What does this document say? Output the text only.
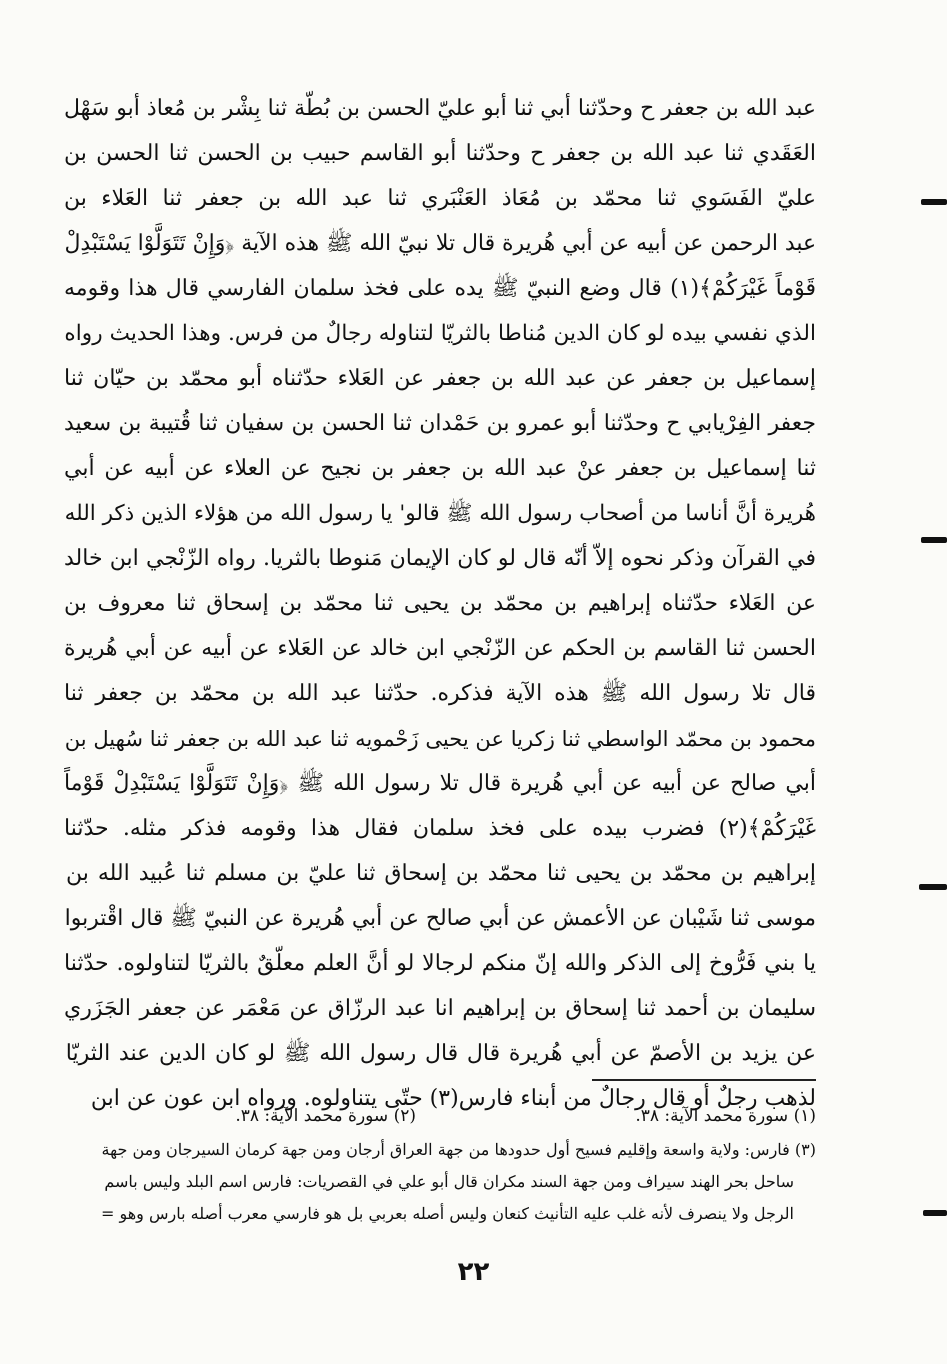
عبد الله بن جعفر ح وحدّثنا أبي ثنا أبو عليّ الحسن بن بُطّة ثنا بِشْر بن مُعاذ أبو سَهْل
العَقَدي ثنا عبد الله بن جعفر ح وحدّثنا أبو القاسم حبيب بن الحسن ثنا الحسن بن
عليّ الفَسَوي ثنا محمّد بن مُعَاذ العَنْبَري ثنا عبد الله بن جعفر ثنا العَلاء بن
عبد الرحمن عن أبيه عن أبي هُريرة قال تلا نبيّ الله ﷺ هذه الآية ﴿وَإِنْ تَتَوَلَّوْا يَسْتَبْدِلْ
قَوْماً غَيْرَكُمْ﴾(١) قال وضع النبيّ ﷺ يده على فخذ سلمان الفارسي قال هذا وقومه
الذي نفسي بيده لو كان الدين مُناطا بالثريّا لتناوله رجالٌ من فرس. وهذا الحديث رواه
إسماعيل بن جعفر عن عبد الله بن جعفر عن العَلاء حدّثناه أبو محمّد بن حيّان ثنا
جعفر الفِرْيابي ح وحدّثنا أبو عمرو بن حَمْدان ثنا الحسن بن سفيان ثنا قُتيبة بن سعيد
ثنا إسماعيل بن جعفر عنْ عبد الله بن جعفر بن نجيح عن العلاء عن أبيه عن أبي
هُريرة أنَّ أناسا من أصحاب رسول الله ﷺ قالو' يا رسول الله من هؤلاء الذين ذكر الله
في القرآن وذكر نحوه إلاّ أنّه قال لو كان الإيمان مَنوطا بالثريا. رواه الزّنْجي ابن خالد
عن العَلاء حدّثناه إبراهيم بن محمّد بن يحيى ثنا محمّد بن إسحاق ثنا معروف بن
الحسن ثنا القاسم بن الحكم عن الزّنْجي ابن خالد عن العَلاء عن أبيه عن أبي هُريرة
قال تلا رسول الله ﷺ هذه الآية فذكره. حدّثنا عبد الله بن محمّد بن جعفر ثنا
محمود بن محمّد الواسطي ثنا زكريا عن يحيى زَحْمويه ثنا عبد الله بن جعفر ثنا سُهيل بن
أبي صالح عن أبيه عن أبي هُريرة قال تلا رسول الله ﷺ ﴿وَإِنْ تَتَوَلَّوْا يَسْتَبْدِلْ قَوْماً
غَيْرَكُمْ﴾(٢) فضرب بيده على فخذ سلمان فقال هذا وقومه فذكر مثله. حدّثنا
إبراهيم بن محمّد بن يحيى ثنا محمّد بن إسحاق ثنا عليّ بن مسلم ثنا عُبيد الله بن
موسى ثنا شَيْبان عن الأعمش عن أبي صالح عن أبي هُريرة عن النبيّ ﷺ قال اقْتربوا
يا بني فَرُّوخ إلى الذكر والله إنّ منكم لرجالا لو أنَّ العلم معلّقٌ بالثريّا لتناولوه. حدّثنا
سليمان بن أحمد ثنا إسحاق بن إبراهيم انا عبد الرزّاق عن مَعْمَر عن جعفر الجَزَري
عن يزيد بن الأصمّ عن أبي هُريرة قال قال رسول الله ﷺ لو كان الدين عند الثريّا
لذهب رجلٌ أو قال رجالٌ من أبناء فارس(٣) حتّى يتناولوه. ورواه ابن عون عن ابن
(١) سورة محمد الآية: ٣٨.
(٢) سورة محمد الآية: ٣٨.
(٣) فارس: ولاية واسعة وإقليم فسيح أول حدودها من جهة العراق أرجان ومن جهة كرمان السيرجان ومن جهة
ساحل بحر الهند سيراف ومن جهة السند مكران قال أبو علي في القصريات: فارس اسم البلد وليس باسم
الرجل ولا ينصرف لأنه غلب عليه التأنيث كنعان وليس أصله بعربي بل هو فارسي معرب أصله بارس وهو =
٢٢
